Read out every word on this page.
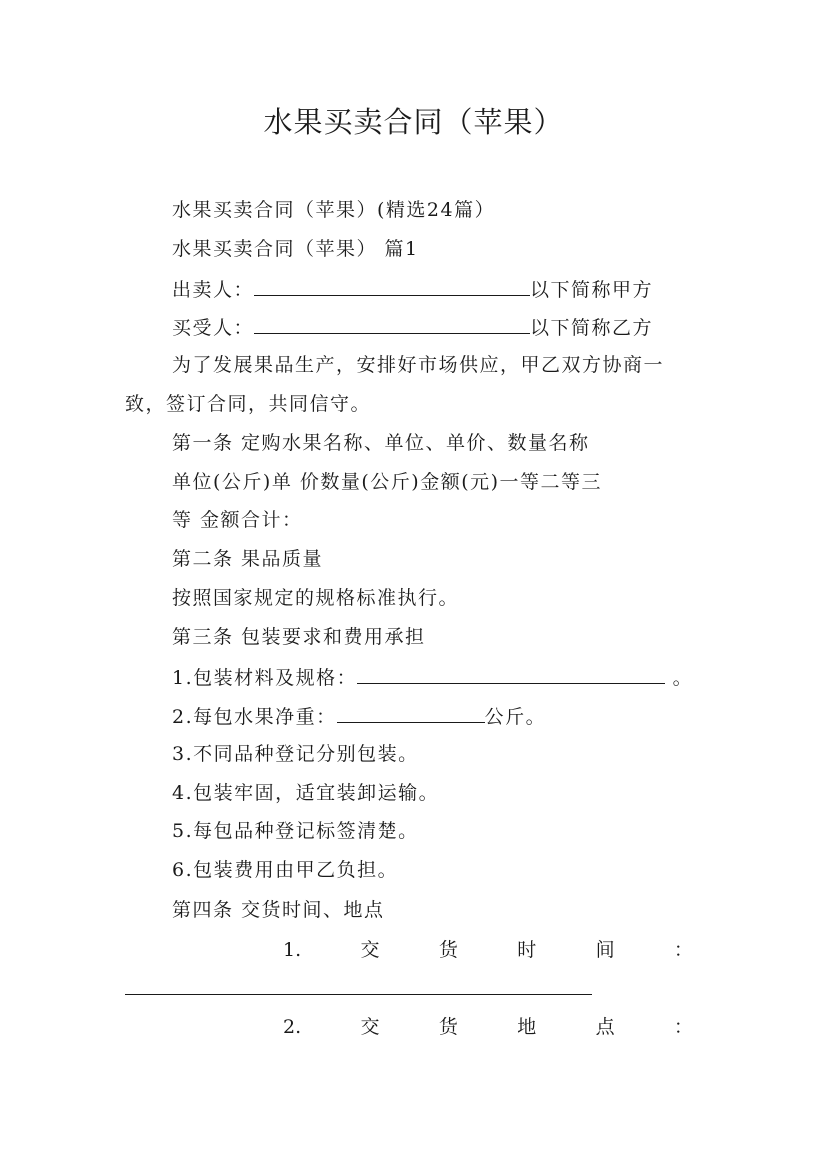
水果买卖合同（苹果）
水果买卖合同（苹果）(精选24篇）
水果买卖合同（苹果） 篇1
出卖人：	以下简称甲方
买受人：	以下简称乙方
为了发展果品生产，安排好市场供应，甲乙双方协商一
致，签订合同，共同信守。
第一条 定购水果名称、单位、单价、数量名称
单位(公斤)单 价数量(公斤)金额(元)一等二等三
等 金额合计：
第二条 果品质量
按照国家规定的规格标准执行。
第三条 包装要求和费用承担
1.包装材料及规格：	。
2.每包水果净重：	公斤。
3.不同品种登记分别包装。
4.包装牢固，适宜装卸运输。
5.每包品种登记标签清楚。
6.包装费用由甲乙负担。
第四条 交货时间、地点
1.	交	货	时	间	：
2.	交	货	地	点	：
